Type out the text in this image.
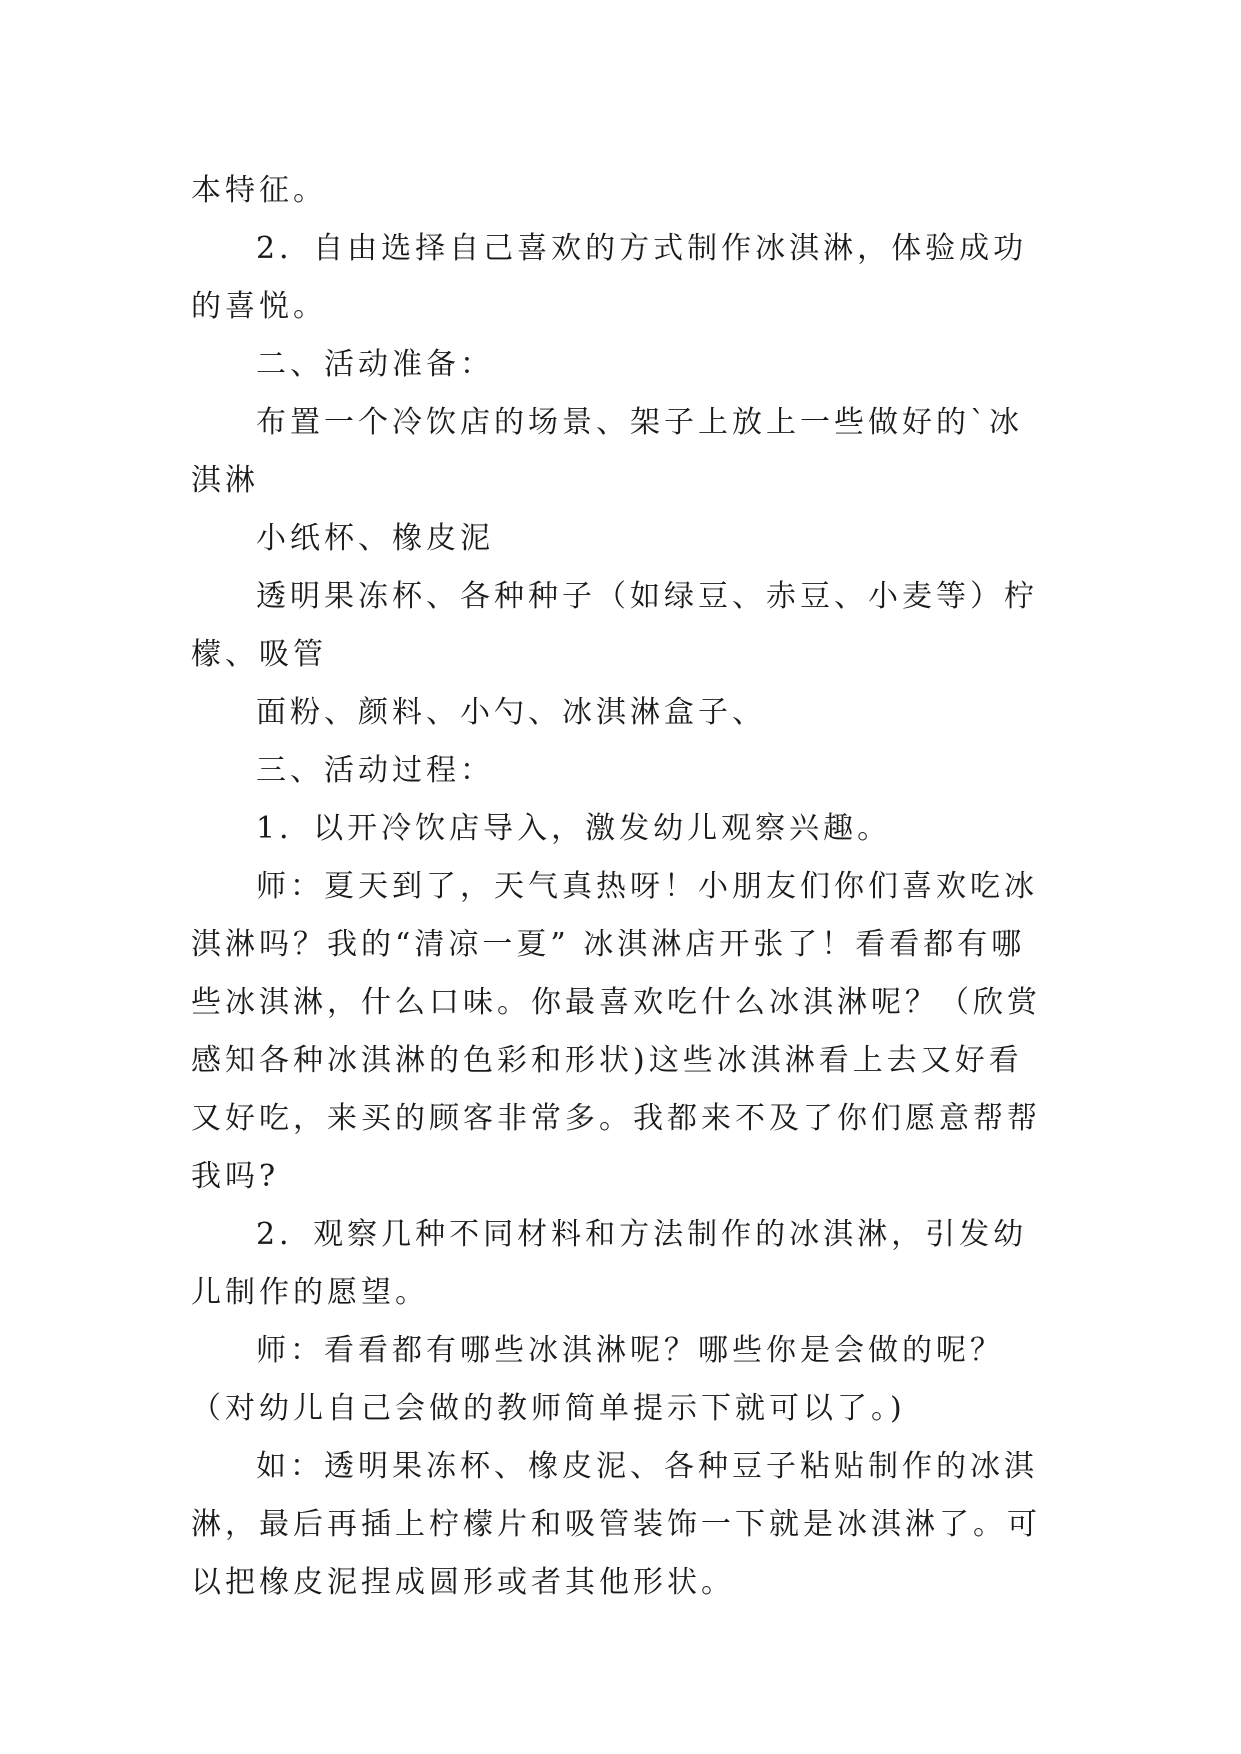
本特征。

2．自由选择自己喜欢的方式制作冰淇淋，体验成功的喜悦。

二、活动准备：

布置一个冷饮店的场景、架子上放上一些做好的`冰淇淋

小纸杯、橡皮泥

透明果冻杯、各种种子（如绿豆、赤豆、小麦等）柠檬、吸管

面粉、颜料、小勺、冰淇淋盒子、

三、活动过程：

1．以开冷饮店导入，激发幼儿观察兴趣。

师：夏天到了，天气真热呀！小朋友们你们喜欢吃冰淇淋吗？我的“清凉一夏” 冰淇淋店开张了！看看都有哪些冰淇淋，什么口味。你最喜欢吃什么冰淇淋呢？（欣赏感知各种冰淇淋的色彩和形状)这些冰淇淋看上去又好看又好吃，来买的顾客非常多。我都来不及了你们愿意帮帮我吗?

2．观察几种不同材料和方法制作的冰淇淋，引发幼儿制作的愿望。

师：看看都有哪些冰淇淋呢？哪些你是会做的呢？（对幼儿自己会做的教师简单提示下就可以了。)

如：透明果冻杯、橡皮泥、各种豆子粘贴制作的冰淇淋，最后再插上柠檬片和吸管装饰一下就是冰淇淋了。可以把橡皮泥捏成圆形或者其他形状。
